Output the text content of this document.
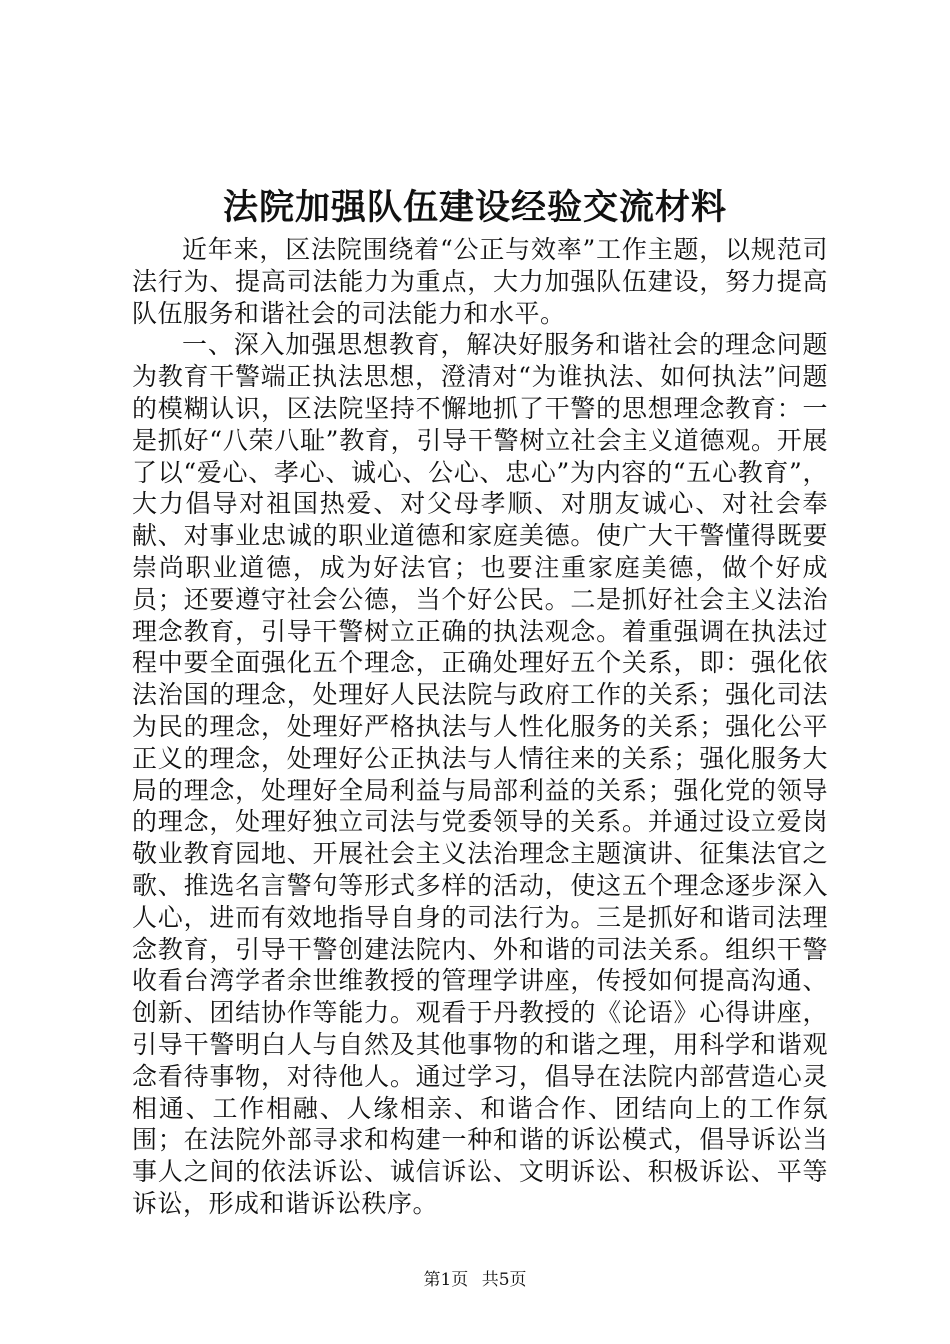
法院加强队伍建设经验交流材料

近年来，区法院围绕着“公正与效率”工作主题，以规范司法行为、提高司法能力为重点，大力加强队伍建设，努力提高队伍服务和谐社会的司法能力和水平。

一、深入加强思想教育，解决好服务和谐社会的理念问题为教育干警端正执法思想，澄清对“为谁执法、如何执法”问题的模糊认识，区法院坚持不懈地抓了干警的思想理念教育：一是抓好“八荣八耻”教育，引导干警树立社会主义道德观。开展了以“爱心、孝心、诚心、公心、忠心”为内容的“五心教育”，大力倡导对祖国热爱、对父母孝顺、对朋友诚心、对社会奉献、对事业忠诚的职业道德和家庭美德。使广大干警懂得既要崇尚职业道德，成为好法官；也要注重家庭美德，做个好成员；还要遵守社会公德，当个好公民。二是抓好社会主义法治理念教育，引导干警树立正确的执法观念。着重强调在执法过程中要全面强化五个理念，正确处理好五个关系，即：强化依法治国的理念，处理好人民法院与政府工作的关系；强化司法为民的理念，处理好严格执法与人性化服务的关系；强化公平正义的理念，处理好公正执法与人情往来的关系；强化服务大局的理念，处理好全局利益与局部利益的关系；强化党的领导的理念，处理好独立司法与党委领导的关系。并通过设立爱岗敬业教育园地、开展社会主义法治理念主题演讲、征集法官之歌、推选名言警句等形式多样的活动，使这五个理念逐步深入人心，进而有效地指导自身的司法行为。三是抓好和谐司法理念教育，引导干警创建法院内、外和谐的司法关系。组织干警收看台湾学者余世维教授的管理学讲座，传授如何提高沟通、创新、团结协作等能力。观看于丹教授的《论语》心得讲座，引导干警明白人与自然及其他事物的和谐之理，用科学和谐观念看待事物，对待他人。通过学习，倡导在法院内部营造心灵相通、工作相融、人缘相亲、和谐合作、团结向上的工作氛围；在法院外部寻求和构建一种和谐的诉讼模式，倡导诉讼当事人之间的依法诉讼、诚信诉讼、文明诉讼、积极诉讼、平等诉讼，形成和谐诉讼秩序。

第1页 共5页
